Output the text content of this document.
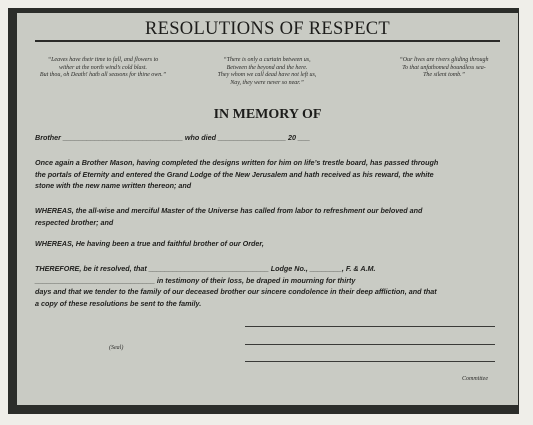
RESOLUTIONS OF RESPECT
“Leaves have their time to fall, and flowers to
wither at the north wind’s cold blast.
But thou, oh Death! hath all seasons for thine own.”
“There is only a curtain between us,
Between the beyond and the here.
They whom we call dead have not left us,
Nay, they were never so near.”
“Our lives are rivers gliding through
To that unfathomed boundless sea-
The silent tomb.”
IN MEMORY OF
Brother ______________________________ who died _________________ 20 ___
Once again a Brother Mason, having completed the designs written for him on life’s trestle board, has passed through
the portals of Eternity and entered the Grand Lodge of the New Jerusalem and hath received as his reward, the white
stone with the new name written thereon; and
WHEREAS, the all-wise and merciful Master of the Universe has called from labor to refreshment our beloved and
respected brother; and
WHEREAS, He having been a true and faithful brother of our Order,
THEREFORE, be it resolved, that ______________________________ Lodge No., ________, F. & A.M.
______________________________ in testimony of their loss, be draped in mourning for thirty
days and that we tender to the family of our deceased brother our sincere condolence in their deep affliction, and that
a copy of these resolutions be sent to the family.
(Seal)
Committee
